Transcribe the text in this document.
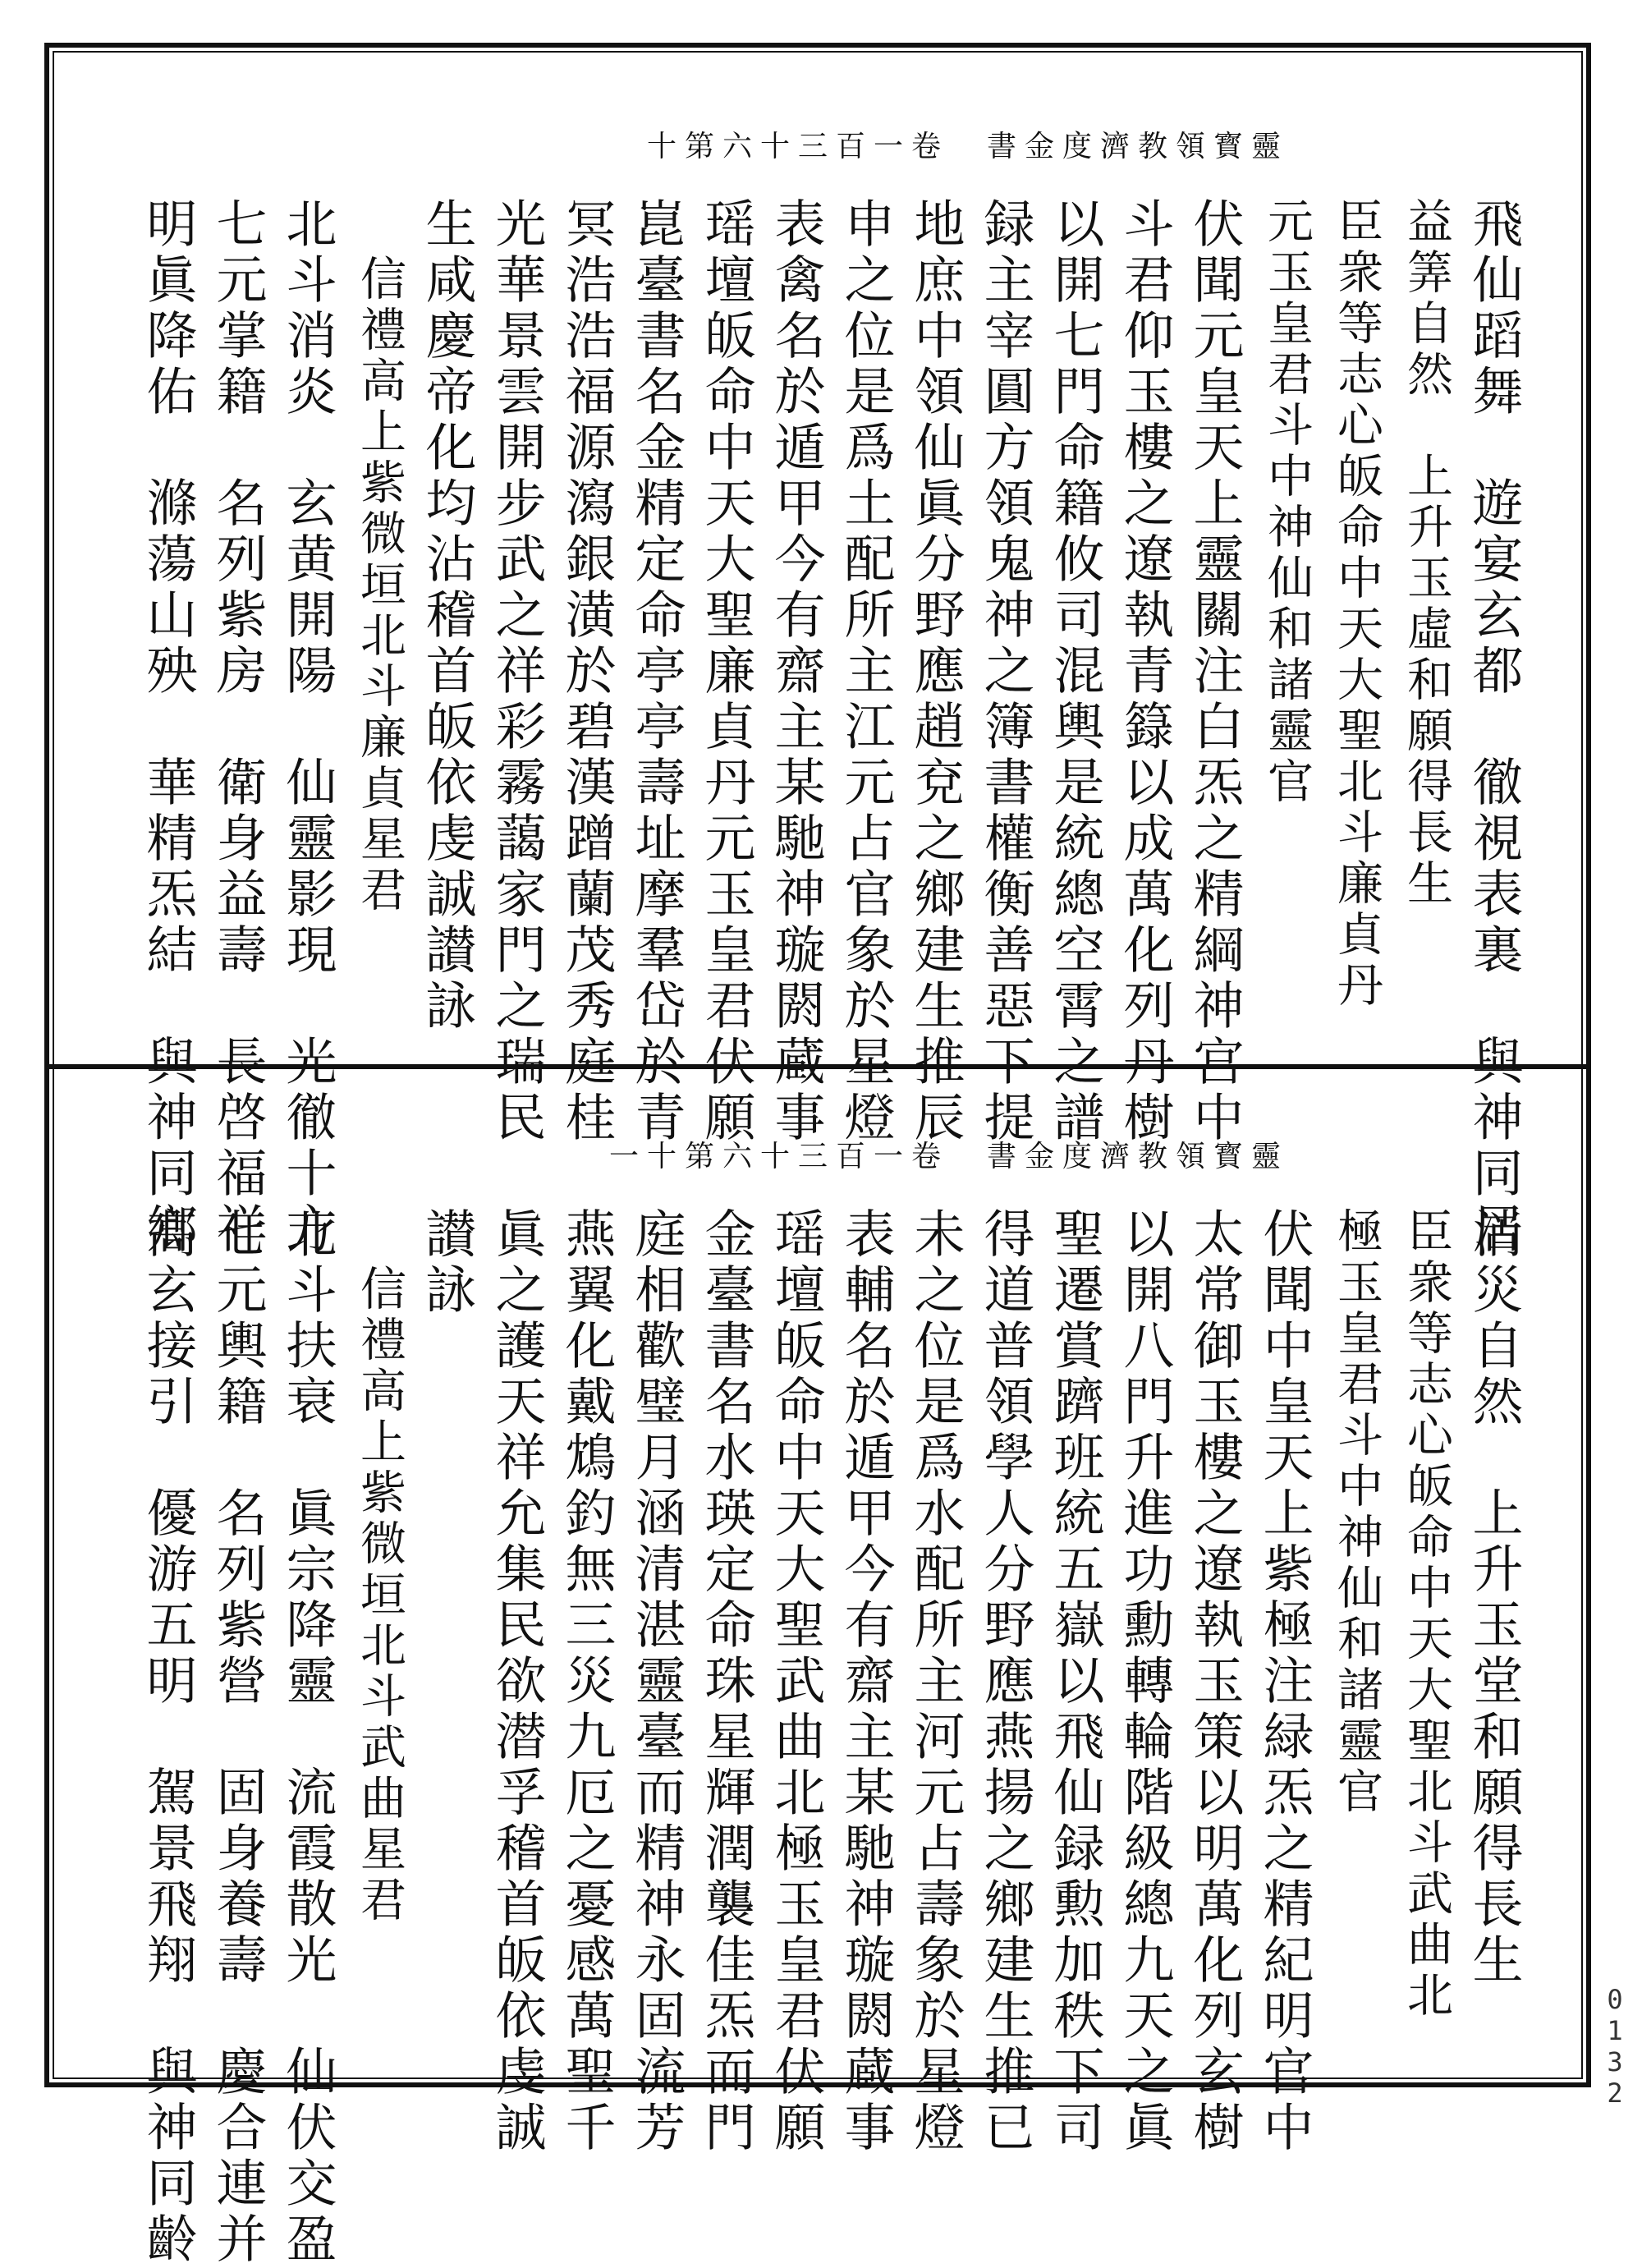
靈寳領教濟度金書　卷一百三十六第十
飛仙蹈舞　遊宴玄都　徹視表裏　與神同居
益筭自然　上升玉虛和願得長生
臣衆等志心皈命中天大聖北斗廉貞丹
元玉皇君斗中神仙和諸靈官
伏聞元皇天上靈關注白炁之精綱神宫中
斗君仰玉樓之遼執青籙以成萬化列丹樹
以開七門命籍攸司混輿是統總空霄之譜
録主宰圓方領鬼神之簿書權衡善惡下提
地庶中領仙眞分野應趙兗之鄉建生推辰
申之位是爲土配所主江元占官象於星燈
表禽名於遁甲今有齋主某馳神璇閼蔵事
瑶壇皈命中天大聖廉貞丹元玉皇君伏願
崑臺書名金精定命亭亭壽址摩羣岱於青
冥浩浩福源瀉銀潢於碧漢蹭蘭茂秀庭桂
光華景雲開步武之祥彩霧藹家門之瑞民
生咸慶帝化均沾稽首皈依虔誠讃詠
信禮高上紫微垣北斗廉貞星君
北斗消炎　玄黄開陽　仙靈影現　光徹十方
七元掌籍　名列紫房　衛身益壽　長啓福祥
明眞降佑　滌蕩山殃　華精炁結　與神同鄉	靈寳領教濟度金書　卷一百三十六第十一
消災自然　上升玉堂和願得長生
臣衆等志心皈命中天大聖北斗武曲北
極玉皇君斗中神仙和諸靈官
伏聞中皇天上紫極注緑炁之精紀明官中
太常御玉樓之遼執玉策以明萬化列玄樹
以開八門升進功勳轉輪階級總九天之眞
聖遷賞躋班統五嶽以飛仙録勲加秩下司
得道普領學人分野應燕揚之鄉建生推已
未之位是爲水配所主河元占壽象於星燈
表輔名於遁甲今有齋主某馳神璇閼蔵事
瑶壇皈命中天大聖武曲北極玉皇君伏願
金臺書名水瑛定命珠星輝潤襲佳炁而門
庭相歡璧月涵清湛靈臺而精神永固流芳
燕翼化戴鴆釣無三災九厄之憂感萬聖千
眞之護天祥允集民欲潜孚稽首皈依虔誠
讃詠
信禮高上紫微垣北斗武曲星君
北斗扶衰　眞宗降靈　流霞散光　仙伏交盈
七元輿籍　名列紫營　固身養壽　慶合連并
高玄接引　優游五明　駕景飛翔　與神同齡	0132
